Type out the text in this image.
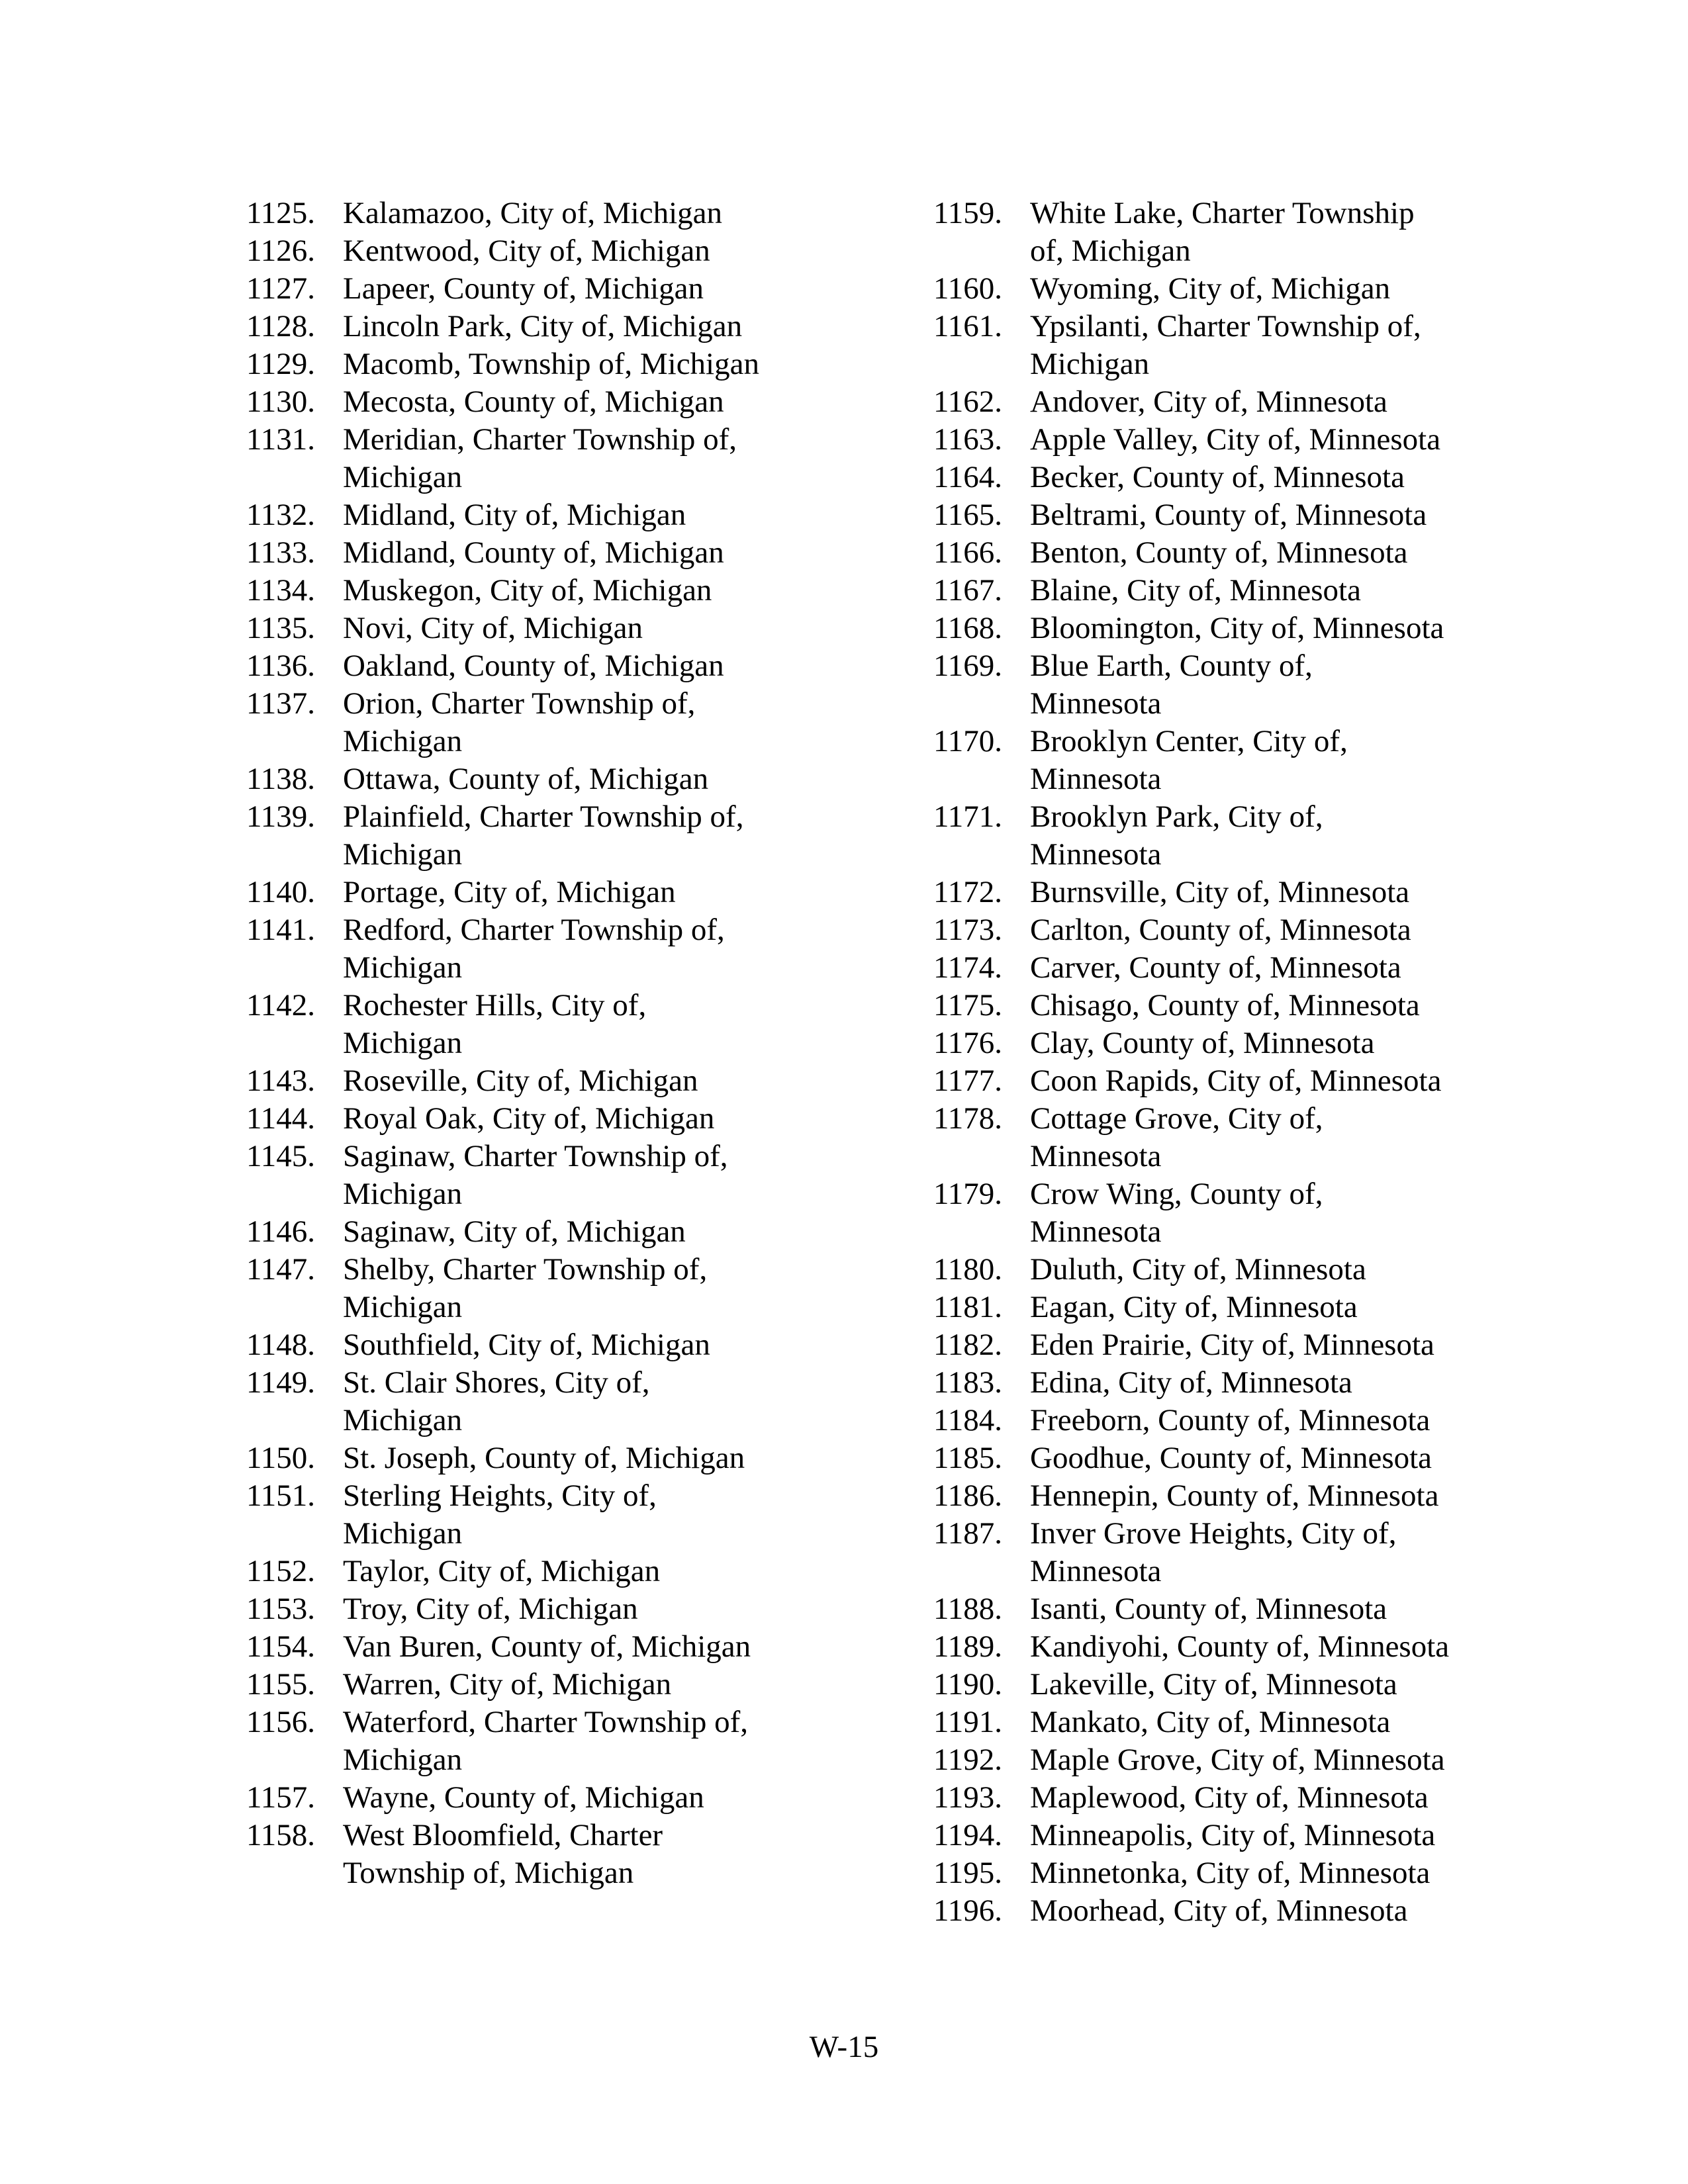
1125. Kalamazoo, City of, Michigan
1126. Kentwood, City of, Michigan
1127. Lapeer, County of, Michigan
1128. Lincoln Park, City of, Michigan
1129. Macomb, Township of, Michigan
1130. Mecosta, County of, Michigan
1131. Meridian, Charter Township of,
Michigan
1132. Midland, City of, Michigan
1133. Midland, County of, Michigan
1134. Muskegon, City of, Michigan
1135. Novi, City of, Michigan
1136. Oakland, County of, Michigan
1137. Orion, Charter Township of,
Michigan
1138. Ottawa, County of, Michigan
1139. Plainfield, Charter Township of,
Michigan
1140. Portage, City of, Michigan
1141. Redford, Charter Township of,
Michigan
1142. Rochester Hills, City of,
Michigan
1143. Roseville, City of, Michigan
1144. Royal Oak, City of, Michigan
1145. Saginaw, Charter Township of,
Michigan
1146. Saginaw, City of, Michigan
1147. Shelby, Charter Township of,
Michigan
1148. Southfield, City of, Michigan
1149. St. Clair Shores, City of,
Michigan
1150. St. Joseph, County of, Michigan
1151. Sterling Heights, City of,
Michigan
1152. Taylor, City of, Michigan
1153. Troy, City of, Michigan
1154. Van Buren, County of, Michigan
1155. Warren, City of, Michigan
1156. Waterford, Charter Township of,
Michigan
1157. Wayne, County of, Michigan
1158. West Bloomfield, Charter
Township of, Michigan
1159. White Lake, Charter Township
of, Michigan
1160. Wyoming, City of, Michigan
1161. Ypsilanti, Charter Township of,
Michigan
1162. Andover, City of, Minnesota
1163. Apple Valley, City of, Minnesota
1164. Becker, County of, Minnesota
1165. Beltrami, County of, Minnesota
1166. Benton, County of, Minnesota
1167. Blaine, City of, Minnesota
1168. Bloomington, City of, Minnesota
1169. Blue Earth, County of,
Minnesota
1170. Brooklyn Center, City of,
Minnesota
1171. Brooklyn Park, City of,
Minnesota
1172. Burnsville, City of, Minnesota
1173. Carlton, County of, Minnesota
1174. Carver, County of, Minnesota
1175. Chisago, County of, Minnesota
1176. Clay, County of, Minnesota
1177. Coon Rapids, City of, Minnesota
1178. Cottage Grove, City of,
Minnesota
1179. Crow Wing, County of,
Minnesota
1180. Duluth, City of, Minnesota
1181. Eagan, City of, Minnesota
1182. Eden Prairie, City of, Minnesota
1183. Edina, City of, Minnesota
1184. Freeborn, County of, Minnesota
1185. Goodhue, County of, Minnesota
1186. Hennepin, County of, Minnesota
1187. Inver Grove Heights, City of,
Minnesota
1188. Isanti, County of, Minnesota
1189. Kandiyohi, County of, Minnesota
1190. Lakeville, City of, Minnesota
1191. Mankato, City of, Minnesota
1192. Maple Grove, City of, Minnesota
1193. Maplewood, City of, Minnesota
1194. Minneapolis, City of, Minnesota
1195. Minnetonka, City of, Minnesota
1196. Moorhead, City of, Minnesota
W-15
